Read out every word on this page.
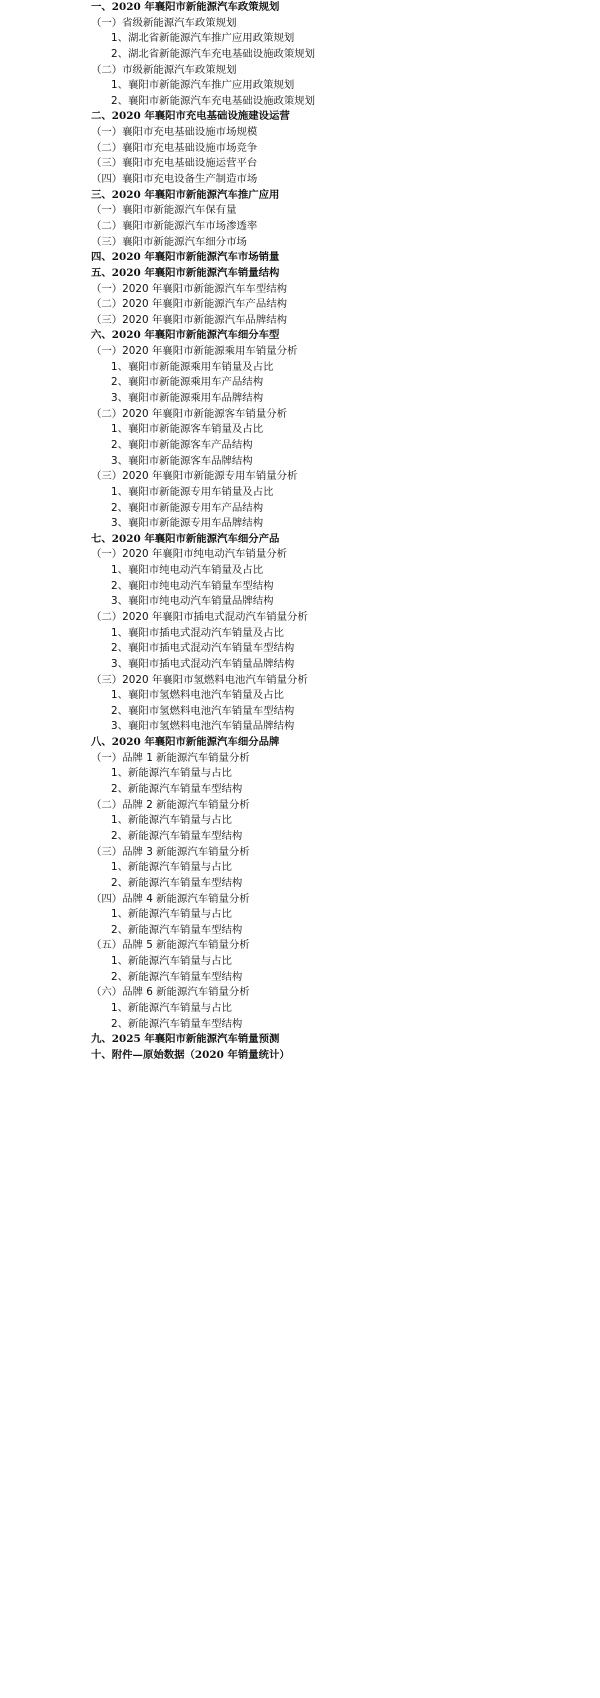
一、2020 年襄阳市新能源汽车政策规划
（一）省级新能源汽车政策规划
1、湖北省新能源汽车推广应用政策规划
2、湖北省新能源汽车充电基础设施政策规划
（二）市级新能源汽车政策规划
1、襄阳市新能源汽车推广应用政策规划
2、襄阳市新能源汽车充电基础设施政策规划
二、2020 年襄阳市充电基础设施建设运营
（一）襄阳市充电基础设施市场规模
（二）襄阳市充电基础设施市场竞争
（三）襄阳市充电基础设施运营平台
（四）襄阳市充电设备生产制造市场
三、2020 年襄阳市新能源汽车推广应用
（一）襄阳市新能源汽车保有量
（二）襄阳市新能源汽车市场渗透率
（三）襄阳市新能源汽车细分市场
四、2020 年襄阳市新能源汽车市场销量
五、2020 年襄阳市新能源汽车销量结构
（一）2020 年襄阳市新能源汽车车型结构
（二）2020 年襄阳市新能源汽车产品结构
（三）2020 年襄阳市新能源汽车品牌结构
六、2020 年襄阳市新能源汽车细分车型
（一）2020 年襄阳市新能源乘用车销量分析
1、襄阳市新能源乘用车销量及占比
2、襄阳市新能源乘用车产品结构
3、襄阳市新能源乘用车品牌结构
（二）2020 年襄阳市新能源客车销量分析
1、襄阳市新能源客车销量及占比
2、襄阳市新能源客车产品结构
3、襄阳市新能源客车品牌结构
（三）2020 年襄阳市新能源专用车销量分析
1、襄阳市新能源专用车销量及占比
2、襄阳市新能源专用车产品结构
3、襄阳市新能源专用车品牌结构
七、2020 年襄阳市新能源汽车细分产品
（一）2020 年襄阳市纯电动汽车销量分析
1、襄阳市纯电动汽车销量及占比
2、襄阳市纯电动汽车销量车型结构
3、襄阳市纯电动汽车销量品牌结构
（二）2020 年襄阳市插电式混动汽车销量分析
1、襄阳市插电式混动汽车销量及占比
2、襄阳市插电式混动汽车销量车型结构
3、襄阳市插电式混动汽车销量品牌结构
（三）2020 年襄阳市氢燃料电池汽车销量分析
1、襄阳市氢燃料电池汽车销量及占比
2、襄阳市氢燃料电池汽车销量车型结构
3、襄阳市氢燃料电池汽车销量品牌结构
八、2020 年襄阳市新能源汽车细分品牌
（一）品牌 1 新能源汽车销量分析
1、新能源汽车销量与占比
2、新能源汽车销量车型结构
（二）品牌 2 新能源汽车销量分析
1、新能源汽车销量与占比
2、新能源汽车销量车型结构
（三）品牌 3 新能源汽车销量分析
1、新能源汽车销量与占比
2、新能源汽车销量车型结构
（四）品牌 4 新能源汽车销量分析
1、新能源汽车销量与占比
2、新能源汽车销量车型结构
（五）品牌 5 新能源汽车销量分析
1、新能源汽车销量与占比
2、新能源汽车销量车型结构
（六）品牌 6 新能源汽车销量分析
1、新能源汽车销量与占比
2、新能源汽车销量车型结构
九、2025 年襄阳市新能源汽车销量预测
十、附件—原始数据（2020 年销量统计）
